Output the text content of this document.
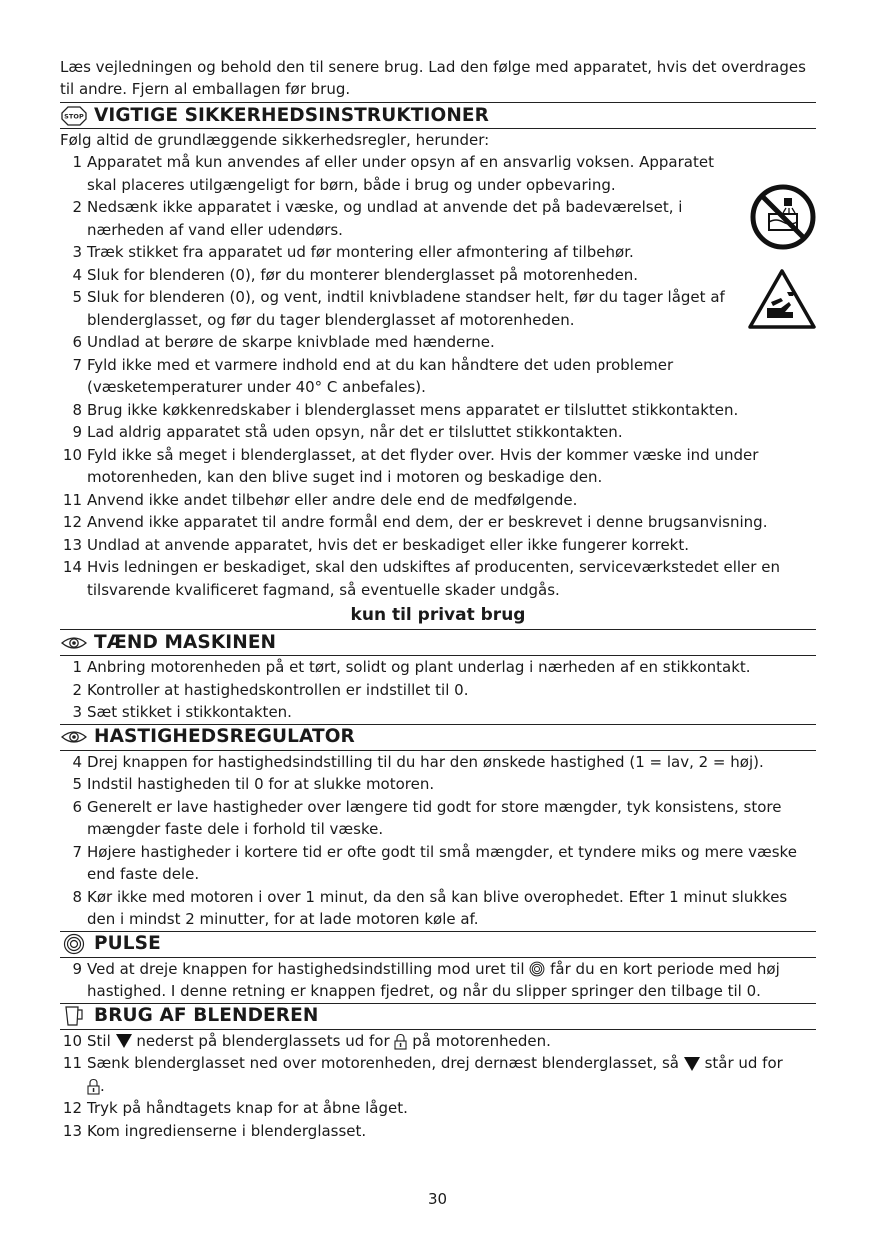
Læs vejledningen og behold den til senere brug. Lad den følge med apparatet, hvis det overdrages til andre. Fjern al emballagen før brug.

STOP VIGTIGE SIKKERHEDSINSTRUKTIONER
Følg altid de grundlæggende sikkerhedsregler, herunder:
1 Apparatet må kun anvendes af eller under opsyn af en ansvarlig voksen. Apparatet skal placeres utilgængeligt for børn, både i brug og under opbevaring.
2 Nedsænk ikke apparatet i væske, og undlad at anvende det på badeværelset, i nærheden af vand eller udendørs.
3 Træk stikket fra apparatet ud før montering eller afmontering af tilbehør.
4 Sluk for blenderen (0), før du monterer blenderglasset på motorenheden.
5 Sluk for blenderen (0), og vent, indtil knivbladene standser helt, før du tager låget af blenderglasset, og før du tager blenderglasset af motorenheden.
6 Undlad at berøre de skarpe knivblade med hænderne.
7 Fyld ikke med et varmere indhold end at du kan håndtere det uden problemer (væsketemperaturer under 40° C anbefales).
8 Brug ikke køkkenredskaber i blenderglasset mens apparatet er tilsluttet stikkontakten.
9 Lad aldrig apparatet stå uden opsyn, når det er tilsluttet stikkontakten.
10 Fyld ikke så meget i blenderglasset, at det flyder over. Hvis der kommer væske ind under motorenheden, kan den blive suget ind i motoren og beskadige den.
11 Anvend ikke andet tilbehør eller andre dele end de medfølgende.
12 Anvend ikke apparatet til andre formål end dem, der er beskrevet i denne brugsanvisning.
13 Undlad at anvende apparatet, hvis det er beskadiget eller ikke fungerer korrekt.
14 Hvis ledningen er beskadiget, skal den udskiftes af producenten, serviceværkstedet eller en tilsvarende kvalificeret fagmand, så eventuelle skader undgås.
kun til privat brug
TÆND MASKINEN
1 Anbring motorenheden på et tørt, solidt og plant underlag i nærheden af en stikkontakt.
2 Kontroller at hastighedskontrollen er indstillet til 0.
3 Sæt stikket i stikkontakten.
HASTIGHEDSREGULATOR
4 Drej knappen for hastighedsindstilling til du har den ønskede hastighed (1 = lav, 2 = høj).
5 Indstil hastigheden til 0 for at slukke motoren.
6 Generelt er lave hastigheder over længere tid godt for store mængder, tyk konsistens, store mængder faste dele i forhold til væske.
7 Højere hastigheder i kortere tid er ofte godt til små mængder, et tyndere miks og mere væske end faste dele.
8 Kør ikke med motoren i over 1 minut, da den så kan blive overophedet. Efter 1 minut slukkes den i mindst 2 minutter, for at lade motoren køle af.
PULSE
9 Ved at dreje knappen for hastighedsindstilling mod uret til får du en kort periode med høj hastighed. I denne retning er knappen fjedret, og når du slipper springer den tilbage til 0.
BRUG AF BLENDEREN
10 Stil nederst på blenderglassets ud for på motorenheden.
11 Sænk blenderglasset ned over motorenheden, drej dernæst blenderglasset, så står ud for
.
12 Tryk på håndtagets knap for at åbne låget.
13 Kom ingredienserne i blenderglasset.
30
